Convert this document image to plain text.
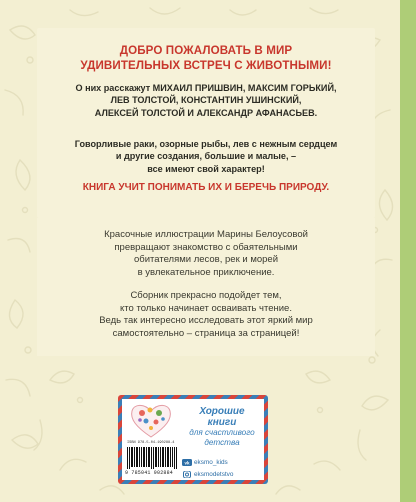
ДОБРО ПОЖАЛОВАТЬ В МИР
УДИВИТЕЛЬНЫХ ВСТРЕЧ С ЖИВОТНЫМИ!
О них расскажут МИХАИЛ ПРИШВИН, МАКСИМ ГОРЬКИЙ,
ЛЕВ ТОЛСТОЙ, КОНСТАНТИН УШИНСКИЙ,
АЛЕКСЕЙ ТОЛСТОЙ И АЛЕКСАНДР АФАНАСЬЕВ.
Говорливые раки, озорные рыбы, лев с нежным сердцем
и другие создания, большие и малые, –
все имеют свой характер!
КНИГА УЧИТ ПОНИМАТЬ ИХ И БЕРЕЧЬ ПРИРОДУ.
Красочные иллюстрации Марины Белоусовой
превращают знакомство с обаятельными
обитателями лесов, рек и морей
в увлекательное приключение.
Сборник прекрасно подойдет тем,
кто только начинает осваивать чтение.
Ведь так интересно исследовать этот яркий мир
самостоятельно – страница за страницей!
ISBN 978-5-04-190288-4
9 785041 902884
Хорошие книги
для счастливого детства
vk eksmo_kids
eksmodetstvo
